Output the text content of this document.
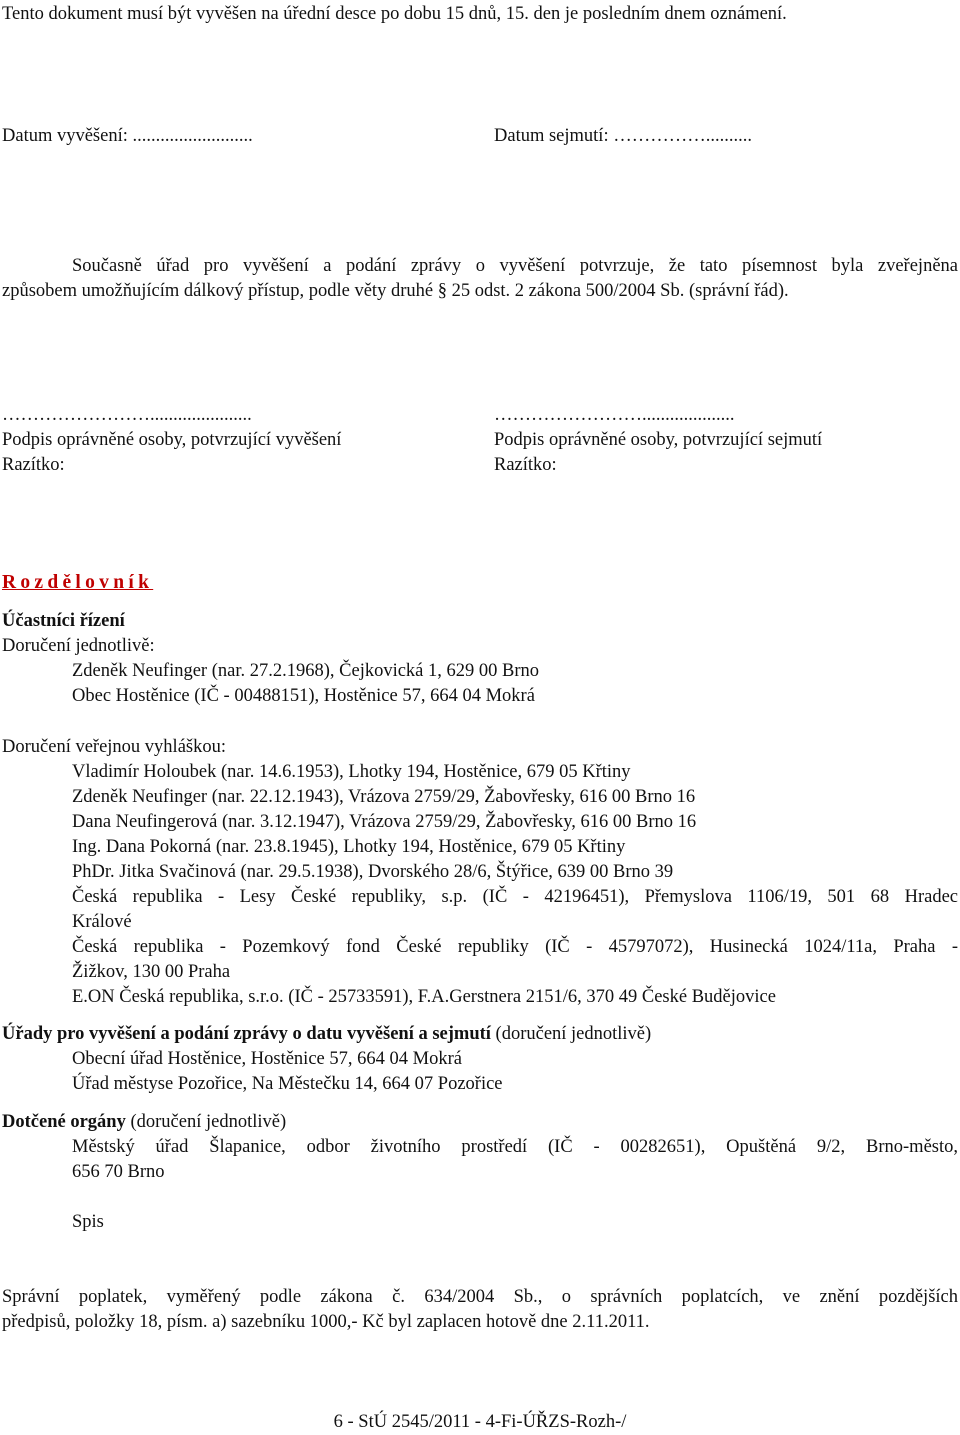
Tento dokument musí být vyvěšen na úřední desce po dobu 15 dnů, 15. den je posledním dnem oznámení.
Datum vyvěšení: ..........................	Datum sejmutí: ……………..........
Současně úřad pro vyvěšení a podání zprávy o vyvěšení potvrzuje, že tato písemnost byla zveřejněna
způsobem umožňujícím dálkový přístup, podle věty druhé § 25 odst. 2 zákona 500/2004 Sb. (správní řád).
……………………......................
Podpis oprávněné osoby, potvrzující vyvěšení
Razítko:
……………………....................
Podpis oprávněné osoby, potvrzující sejmutí
Razítko:
Rozdělovník
Účastníci řízení
Doručení jednotlivě:
Zdeněk Neufinger (nar. 27.2.1968), Čejkovická 1, 629 00 Brno
Obec Hostěnice (IČ - 00488151), Hostěnice 57, 664 04 Mokrá
Doručení veřejnou vyhláškou:
Vladimír Holoubek (nar. 14.6.1953), Lhotky 194, Hostěnice, 679 05 Křtiny
Zdeněk Neufinger (nar. 22.12.1943), Vrázova 2759/29, Žabovřesky, 616 00 Brno 16
Dana Neufingerová (nar. 3.12.1947), Vrázova 2759/29, Žabovřesky, 616 00 Brno 16
Ing. Dana Pokorná (nar. 23.8.1945), Lhotky 194, Hostěnice, 679 05 Křtiny
PhDr. Jitka Svačinová (nar. 29.5.1938), Dvorského 28/6, Štýřice, 639 00 Brno 39
Česká republika - Lesy České republiky, s.p. (IČ - 42196451), Přemyslova 1106/19, 501 68 Hradec
Králové
Česká republika - Pozemkový fond České republiky (IČ - 45797072), Husinecká 1024/11a, Praha -
Žižkov, 130 00 Praha
E.ON Česká republika, s.r.o. (IČ - 25733591), F.A.Gerstnera 2151/6, 370 49 České Budějovice
Úřady pro vyvěšení a podání zprávy o datu vyvěšení a sejmutí (doručení jednotlivě)
Obecní úřad Hostěnice, Hostěnice 57, 664 04 Mokrá
Úřad městyse Pozořice, Na Městečku 14, 664 07 Pozořice
Dotčené orgány (doručení jednotlivě)
Městský úřad Šlapanice, odbor životního prostředí (IČ - 00282651), Opuštěná 9/2, Brno-město,
656 70 Brno
Spis
Správní poplatek, vyměřený podle zákona č. 634/2004 Sb., o správních poplatcích, ve znění pozdějších
předpisů, položky 18, písm. a) sazebníku 1000,- Kč byl zaplacen hotově dne 2.11.2011.
6 - StÚ 2545/2011 - 4-Fi-ÚŘZS-Rozh-/
